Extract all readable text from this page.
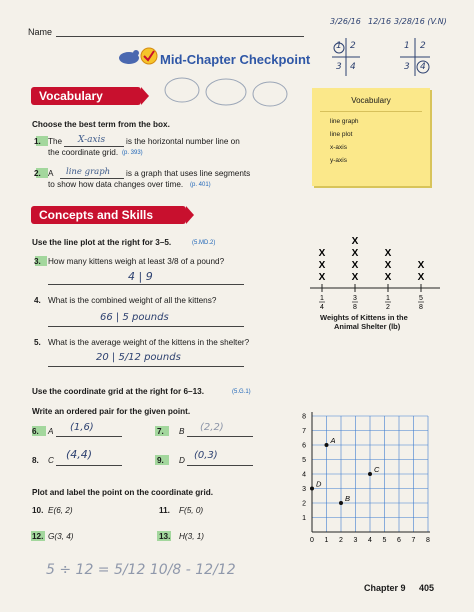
Name
3/26/16 12/16 3/28/16 (V.N)
1 2
3 4
1 2
3 4
Mid-Chapter Checkpoint
Vocabulary
Choose the best term from the box.
1. The X-axis	is the horizontal number line on
the coordinate grid. (p. 393)
2. A line graph is a graph that uses line segments
to show how data changes over time. (p. 401)
Vocabulary
line graph
line plot
x-axis
y-axis
Concepts and Skills
Use the line plot at the right for 3–5.	(5.MD.2)
3. How many kittens weigh at least 3/8 of a pound?
4 | 9
4. What is the combined weight of all the kittens?
66 | 5 pounds
5. What is the average weight of the kittens in the shelter?
20 | 5/12 pounds
Use the coordinate grid at the right for 6–13.	(5.G.1)
Write an ordered pair for the given point.
6. A (1,6)	7. B (2,2)
8. C (4,4)	9. D (0,3)
Plot and label the point on the coordinate grid.
10. E(6, 2)	11. F(5, 0)
12. G(3, 4)	13. H(3, 1)
5 ÷ 12 = 5/12 10/8 - 12/12
X
X
X
X
X
X
X
X
X
X
X
X
1
4
3
8
1
2
5
8
Weights of Kittens in the
Animal Shelter (lb)
0 1 2 3 4 5 6 7 8
1
2
3
4
5
6
7
8
A
B
C
D
Chapter 9 405
